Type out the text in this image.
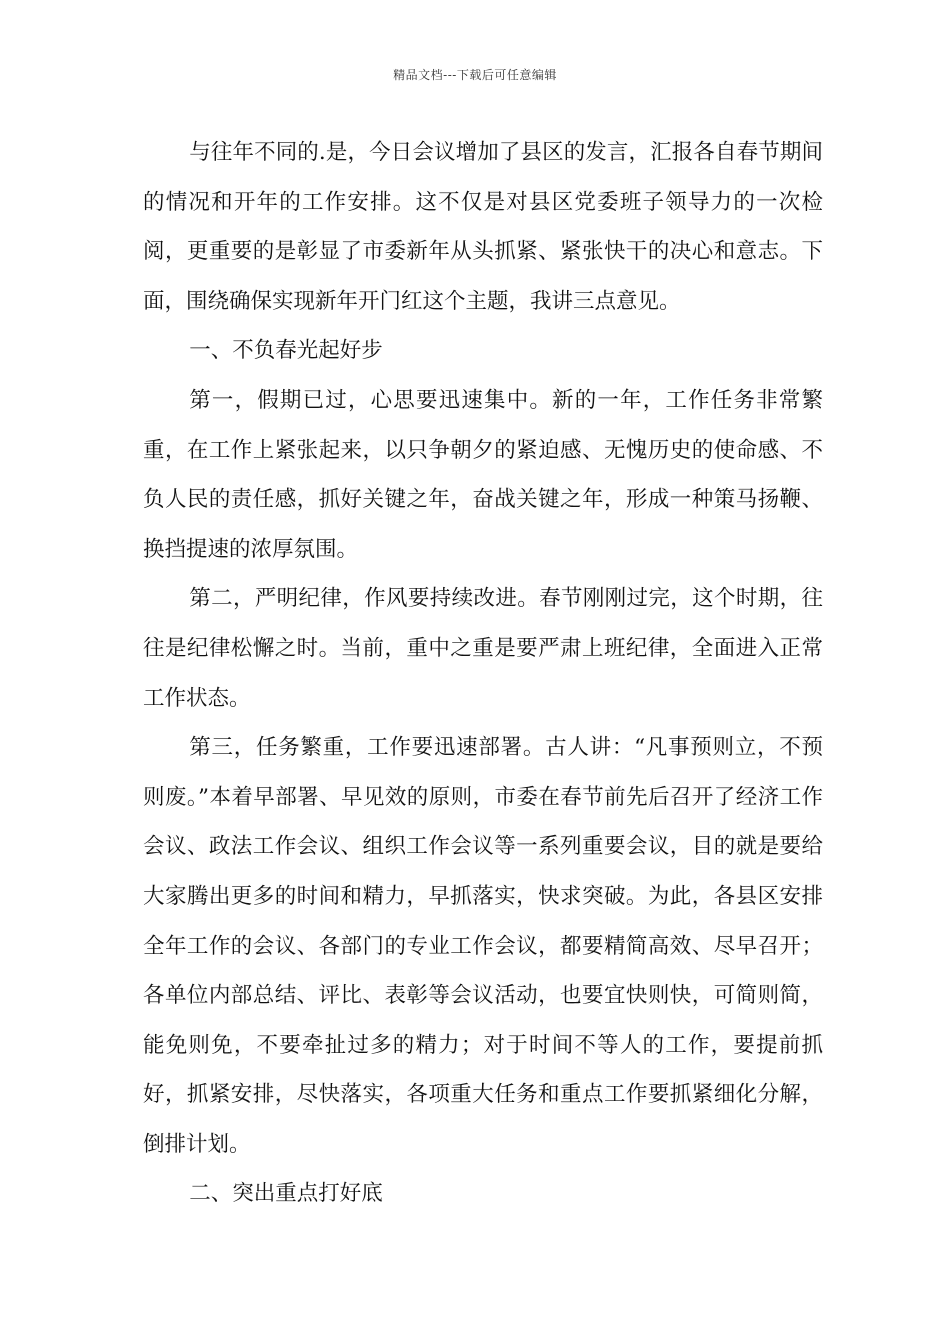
精品文档---下载后可任意编辑

与往年不同的.是，今日会议增加了县区的发言，汇报各自春节期间的情况和开年的工作安排。这不仅是对县区党委班子领导力的一次检阅，更重要的是彰显了市委新年从头抓紧、紧张快干的决心和意志。下面，围绕确保实现新年开门红这个主题，我讲三点意见。

一、不负春光起好步

第一，假期已过，心思要迅速集中。新的一年，工作任务非常繁重，在工作上紧张起来，以只争朝夕的紧迫感、无愧历史的使命感、不负人民的责任感，抓好关键之年，奋战关键之年，形成一种策马扬鞭、换挡提速的浓厚氛围。

第二，严明纪律，作风要持续改进。春节刚刚过完，这个时期，往往是纪律松懈之时。当前，重中之重是要严肃上班纪律，全面进入正常工作状态。

第三，任务繁重，工作要迅速部署。古人讲：“凡事预则立，不预则废。”本着早部署、早见效的原则，市委在春节前先后召开了经济工作会议、政法工作会议、组织工作会议等一系列重要会议，目的就是要给大家腾出更多的时间和精力，早抓落实，快求突破。为此，各县区安排全年工作的会议、各部门的专业工作会议，都要精简高效、尽早召开；各单位内部总结、评比、表彰等会议活动，也要宜快则快，可简则简，能免则免，不要牵扯过多的精力；对于时间不等人的工作，要提前抓好，抓紧安排，尽快落实，各项重大任务和重点工作要抓紧细化分解，倒排计划。

二、突出重点打好底
